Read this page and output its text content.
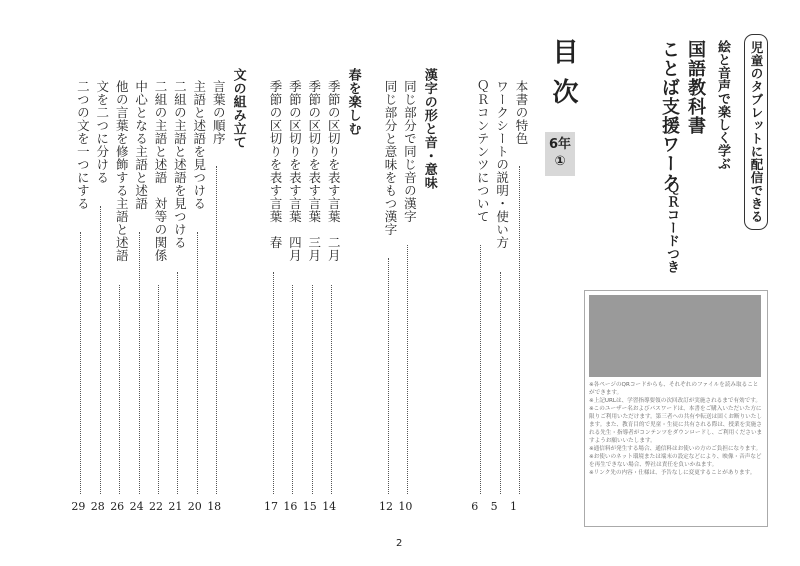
児童のタブレットに配信できる
絵と音声で楽しく学ぶ
国語教科書
ことば支援ワーク
ＱＲコードつき
目次
6年
①

※各ページのQRコードからも、それぞれのファイルを読み取ることができます。

※上記URLは、学習指導要領の次回改訂が実施されるまで有効です。

※このユーザー名およびパスワードは、本書をご購入いただいた方に限りご利用いただけます。第三者への共有や転送は固くお断りいたします。また、教育目的で児童・生徒に共有される際は、授業を実施される先生・指導者がコンテンツをダウンロードし、ご利用くださいますようお願いいたします。

※通信料が発生する場合、通信料はお使いの方のご負担になります。

※お使いのネット環境または端末の設定などにより、映像・音声などを再生できない場合、弊社は責任を負いかねます。

※リンク先の内容・仕様は、予告なしに変更することがあります。

本書の特色
1
ワークシートの説明・使い方
5
ＱＲコンテンツについて
6
漢字の形と音・意味
同じ部分で同じ音の漢字
10
同じ部分と意味をもつ漢字
12
春を楽しむ
季節の区切りを表す言葉　二月
14
季節の区切りを表す言葉　三月
15
季節の区切りを表す言葉　四月
16
季節の区切りを表す言葉　春
17
文の組み立て
言葉の順序
18
主語と述語を見つける
20
二組の主語と述語を見つける
21
二組の主語と述語　対等の関係
22
中心となる主語と述語
24
他の言葉を修飾する主語と述語
26
文を二つに分ける
28
二つの文を一つにする
29
2
